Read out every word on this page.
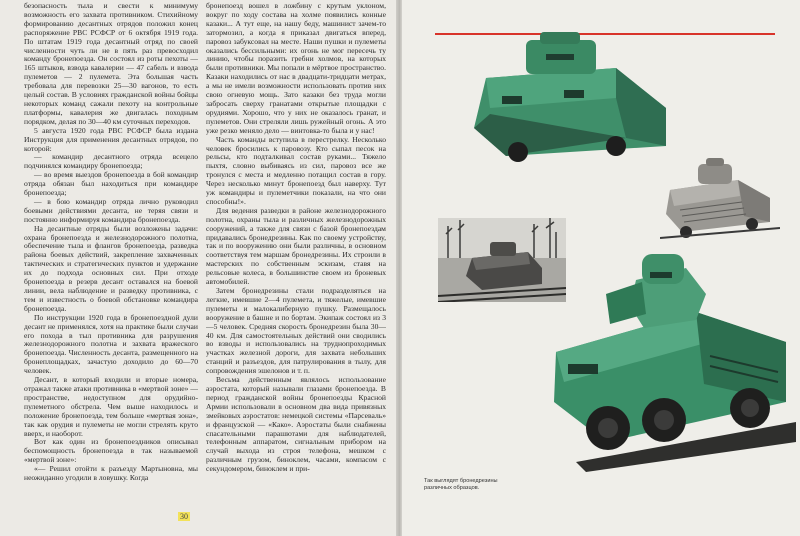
безопасность тыла и свести к минимуму возможность его захвата противником. Стихийному формированию десантных отрядов положил конец распоряжение РВС РСФСР от 6 октября 1919 года. По штатам 1919 года десантный отряд по своей численности чуть ли не в пять раз превосходил команду бронепоезда. Он состоял из роты пехоты — 165 штыков, взвода кавалерии — 47 сабель и взвода пулеметов — 2 пулемета. Эта большая часть требовала для перевозки 25—30 вагонов, то есть целый состав. В условиях гражданской войны бойцы некоторых команд сажали пехоту на контрольные платформы, кавалерия же двигалась походным порядком, делая по 30—40 км суточных переходов.

5 августа 1920 года РВС РСФСР была издана Инструкция для применения десантных отрядов, по которой:

— командир десантного отряда всецело подчинялся командиру бронепоезда;

— во время выездов бронепоезда в бой командир отряда обязан был находиться при командире бронепоезда;

— в бою командир отряда лично руководил боевыми действиями десанта, не теряя связи и постоянно информируя командира бронепоезда.

На десантные отряды были возложены задачи: охрана бронепоезда и железнодорожного полотна, обеспечение тыла и флангов бронепоезда, разведка района боевых действий, закрепление захваченных тактических и стратегических пунктов и удержание их до подхода основных сил. При отходе бронепоезда в резерв десант оставался на боевой линии, вела наблюдение и разведку противника, с тем и известность о боевой обстановке командира бронепоезда.

По инструкции 1920 года в бронепоездной дули десант не применялся, хотя на практике были случаи его похода в тыл противника для разрушения железнодорожного полотна и захвата вражеского бронепоезда. Численность десанта, размещенного на бронеплощадках, зачастую доходило до 60—70 человек.

Десант, в который входили и вторые номера, отражал также атаки противника в «мертвой зоне» — пространстве, недоступном для орудийно-пулеметного обстрела. Чем выше находилось и положение бронепоезда, тем больше «мертвая зона», так как орудия и пулеметы не могли стрелять круто вверх, и наоборот.

Вот как один из бронепоездников описывал беспомощность бронепоезда в так называемой «мертвой зоне»:

«— Решил отойти к разъезду Мартыновна, мы неожиданно угодили в ловушку. Когда

бронепоезд вошел в ложбину с крутым уклоном, вокруг по ходу состава на холме появились конные казаки... А тут еще, на нашу беду, машинист зачем-то затормозил, а когда я приказал двигаться вперед, паровоз забуксовал на месте. Наши пушки и пулеметы оказались бессильными: их огонь не мог пересечь ту линию, чтобы поразить гребни холмов, на которых были противники. Мы попали в мёртвое пространство. Казаки находились от нас в двадцати-тридцати метрах, а мы не имели возможности использовать против них свою огневую мощь. Зато казаки без труда могли забросать сверху гранатами открытые площадки с орудиями. Хорошо, что у них не оказалось гранат, и пулеметов. Они стреляли лишь ружейный огонь. А это уже резко меняло дело — винтовка-то была и у нас!

Часть команды вступила в перестрелку. Несколько человек бросились к паровозу. Кто сыпал песок на рельсы, кто подталкивал состав руками... Тяжело пыхтя, словно выбиваясь из сил, паровоз все же тронулся с места и медленно потащил состав в гору. Через несколько минут бронепоезд был наверху. Тут уж командиры и пулеметчики показали, на что они способны!».

Для ведения разведки в районе железнодорожного полотна, охраны тыла и различных железнодорожных сооружений, а также для связи с базой бронепоездам придавались бронедрезины. Как по своему устройству, так и по вооружению они были различны, в основном соответствуя тем маршам бронедрезины. Их строили в мастерских по собственным эскизам, ставя на рельсовые колеса, в большинстве своем из броневых автомобилей.

Затем бронедрезины стали подразделяться на легкие, имевшие 2—4 пулемета, и тяжелые, имевшие пулеметы и малокалиберную пушку. Размещалось вооружение в башне и по бортам. Экипаж состоял из 3—5 человек. Средняя скорость бронедрезин была 30—40 км. Для самостоятельных действий они сводились во взводы и использовались на труднопроходимых участках железной дороги, для захвата небольших станций и разъездов, для патрулирования в тылу, для сопровождения эшелонов и т. п.

Весьма действенным являлось использование аэростата, который называли глазами бронепоезда. В период гражданской войны бронепоезды Красной Армии использовали в основном два вида привязных змейковых аэростатов: немецкой системы «Парсеваль» и французской — «Како». Аэростаты были снабжены спасательными парашютами для наблюдателей, телефонным аппаратом, сигнальным прибором на случай выхода из строя телефона, мешком с различным грузом, биноклем, часами, компасом с секундомером, биноклем и при-

30
Так выглядят бронедрезины различных образцов.
